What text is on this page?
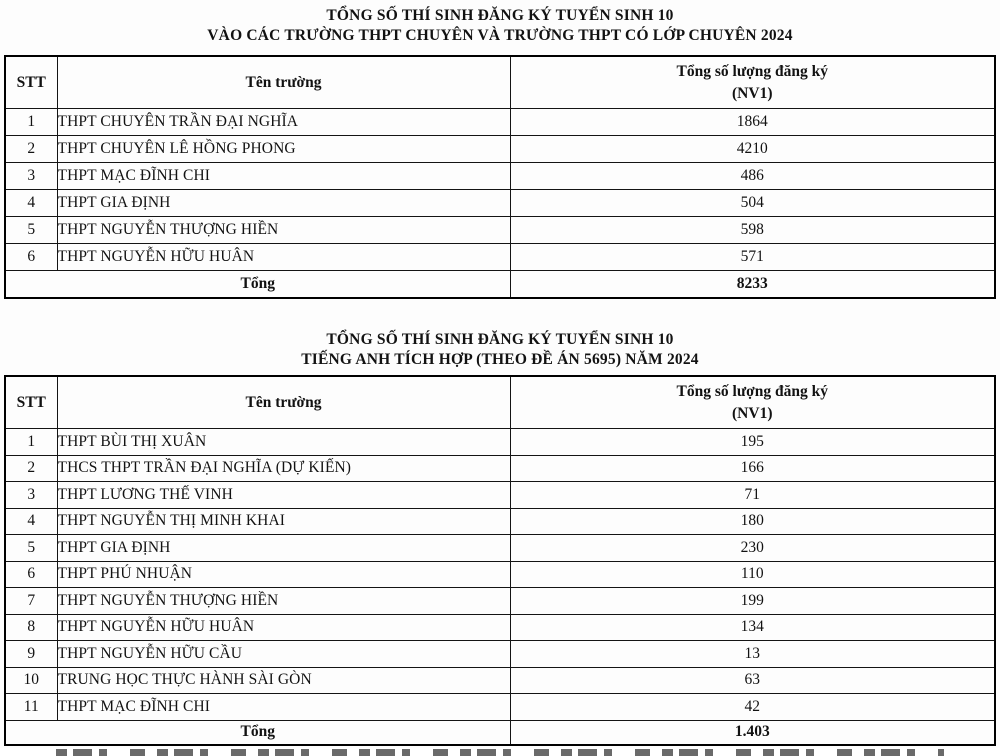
TỔNG SỐ THÍ SINH ĐĂNG KÝ TUYỂN SINH 10
VÀO CÁC TRƯỜNG THPT CHUYÊN VÀ TRƯỜNG THPT CÓ LỚP CHUYÊN 2024
STT	Tên trường	Tổng số lượng đăng ký
(NV1)

1	THPT CHUYÊN TRẦN ĐẠI NGHĨA	1864
2	THPT CHUYÊN LÊ HỒNG PHONG	4210
3	THPT MẠC ĐĨNH CHI	486
4	THPT GIA ĐỊNH	504
5	THPT NGUYỄN THƯỢNG HIỀN	598
6	THPT NGUYỄN HỮU HUÂN	571
Tổng		8233
TỔNG SỐ THÍ SINH ĐĂNG KÝ TUYỂN SINH 10
TIẾNG ANH TÍCH HỢP (THEO ĐỀ ÁN 5695) NĂM 2024
STT	Tên trường	Tổng số lượng đăng ký
(NV1)

1	THPT BÙI THỊ XUÂN	195
2	THCS THPT TRẦN ĐẠI NGHĨA (DỰ KIẾN)	166
3	THPT LƯƠNG THẾ VINH	71
4	THPT NGUYỄN THỊ MINH KHAI	180
5	THPT GIA ĐỊNH	230
6	THPT PHÚ NHUẬN	110
7	THPT NGUYỄN THƯỢNG HIỀN	199
8	THPT NGUYỄN HỮU HUÂN	134
9	THPT NGUYỄN HỮU CẦU	13
10	TRUNG HỌC THỰC HÀNH SÀI GÒN	63
11	THPT MẠC ĐĨNH CHI	42
Tổng		1.403
